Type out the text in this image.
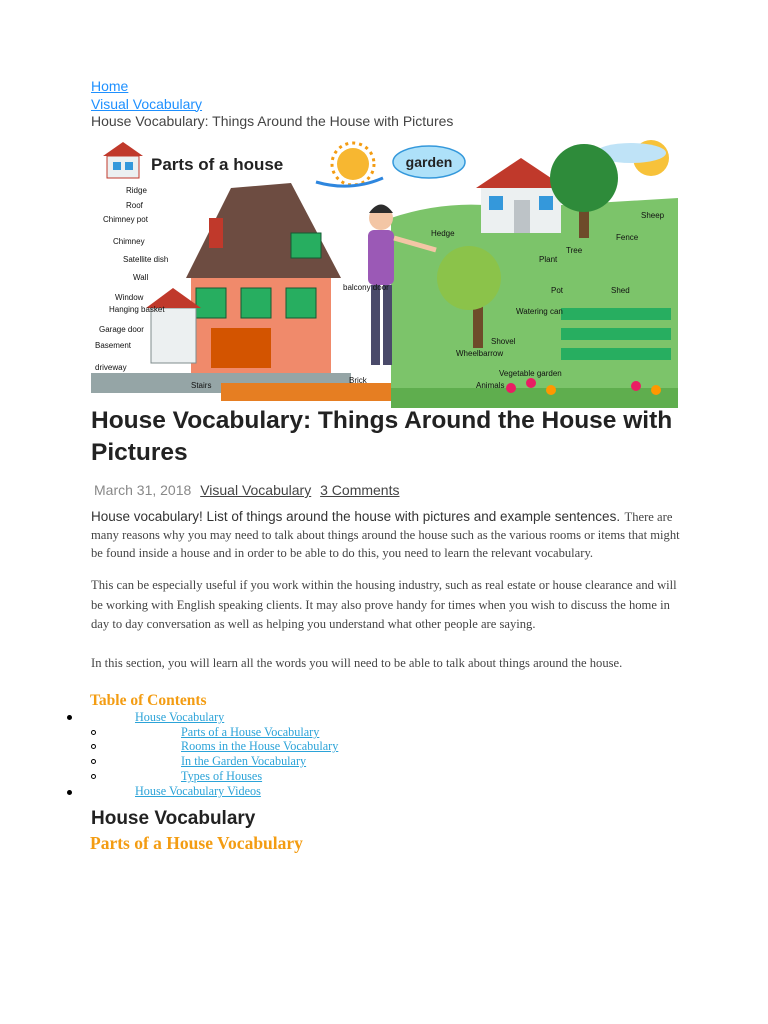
Home
Visual Vocabulary
House Vocabulary: Things Around the House with Pictures
Parts of a house	garden
Ridge
Roof
Chimney pot
Chimney
Satellite dish
Wall
Window
Hanging basket
Garage door
Basement
driveway
Stairs
balcony door
Brick
Hedge
Tree
Plant
Pot	Shed
Fence
Watering can
Wheelbarrow
Vegetable garden
Animals
Shovel
Sheep
House Vocabulary: Things Around the House with Pictures
March 31, 2018 Visual Vocabulary 3 Comments
House vocabulary! List of things around the house with pictures and example sentences. There are many reasons why you may need to talk about things around the house such as the various rooms or items that might be found inside a house and in order to be able to do this, you need to learn the relevant vocabulary.

This can be especially useful if you work within the housing industry, such as real estate or house clearance and will be working with English speaking clients. It may also prove handy for times when you wish to discuss the home in day to day conversation as well as helping you understand what other people are saying.

In this section, you will learn all the words you will need to be able to talk about things around the house.

Table of Contents
House Vocabulary
Parts of a House Vocabulary
Rooms in the House Vocabulary
In the Garden Vocabulary
Types of Houses
House Vocabulary Videos
House Vocabulary
Parts of a House Vocabulary
